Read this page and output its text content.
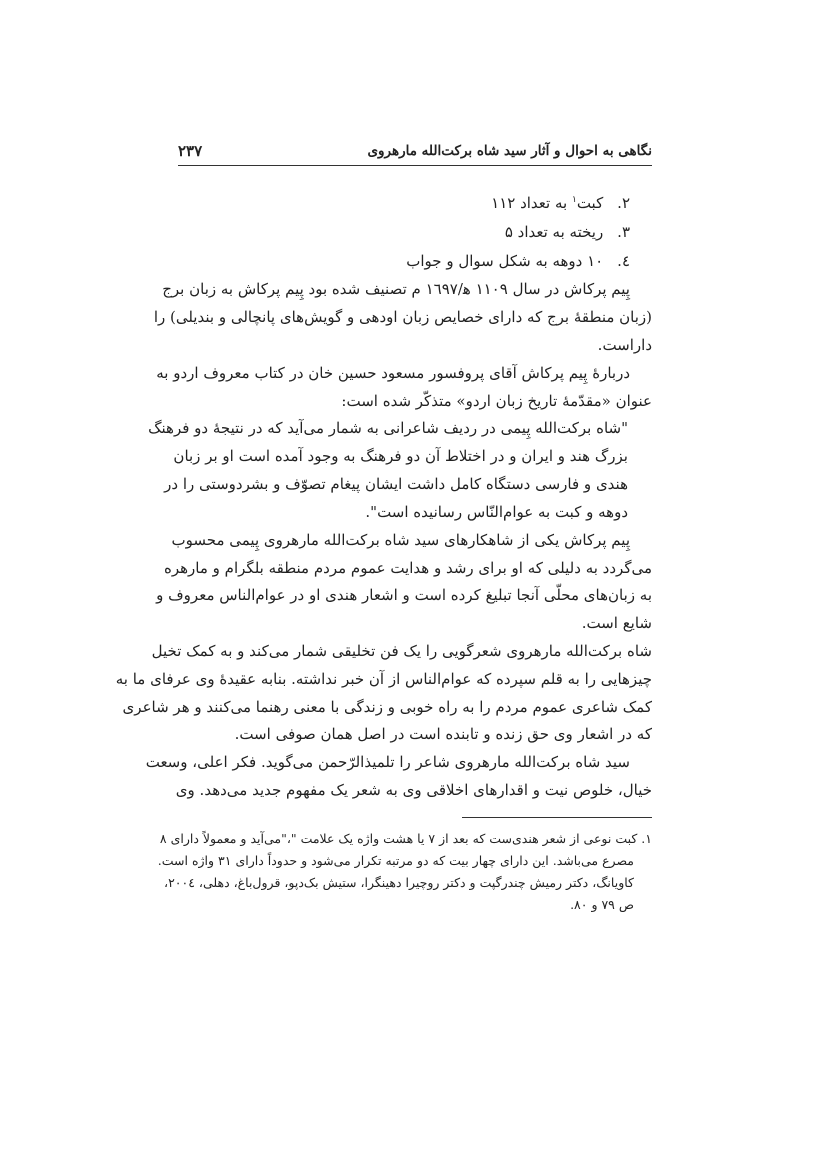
نگاهی به احوال و آثار سید شاه برکت‌الله مارهروی
۲۳۷
۲. کبت$^۱$ به تعداد ۱۱۲
۳. ریخته به تعداد ۵
٤. ۱۰ دوهه به شکل سوال و جواب
پِیم پرکاش در سال ۱۱۰۹ ﻫ/۱٦۹۷ م تصنیف شده بود پِیم پرکاش به زبان برج
(زبان منطقهٔ برج که دارای خصایص زبان اودهی و گویش‌های پانچالی و بندیلی) را
داراست.
دربارهٔ پِیم پرکاش آقای پروفسور مسعود حسین خان در کتاب معروف اردو به
عنوان «مقدّمهٔ تاریخ زبان اردو» متذکّر شده است:
"شاه برکت‌الله پِیمی در ردیف شاعرانی به شمار می‌آید که در نتیجهٔ دو فرهنگ
بزرگ هند و ایران و در اختلاط آن دو فرهنگ به وجود آمده است او بر زبان
هندی و فارسی دستگاه کامل داشت ایشان پیغام تصوّف و بشردوستی را در
دوهه و کبت به عوام‌النّاس رسانیده است".
پِیم پرکاش یکی از شاهکارهای سید شاه برکت‌الله مارهروی پِیمی محسوب
می‌گردد به دلیلی که او برای رشد و هدایت عموم مردم منطقه بلگرام و مارهره
به زبان‌های محلّی آنجا تبلیغ کرده است و اشعار هندی او در عوام‌الناس معروف و
شایع است.
شاه برکت‌الله مارهروی شعرگویی را یک فن تخلیقی شمار می‌کند و به کمک تخیل
چیزهایی را به قلم سپرده که عوام‌الناس از آن خبر نداشته. بنابه عقیدهٔ وی عرفای ما به
کمک شاعری عموم مردم را به راه خوبی و زندگی با معنی رهنما می‌کنند و هر شاعری
که در اشعار وی حق زنده و تابنده است در اصل همان صوفی است.
سید شاه برکت‌الله مارهروی شاعر را تلمیذالرّحمن می‌گوید. فکر اعلی، وسعت
خیال، خلوص نیت و اقدارهای اخلاقی وی به شعر یک مفهوم جدید می‌دهد. وی
۱. کبت نوعی از شعر هندی‌ست که بعد از ۷ یا هشت واژه یک علامت "،"می‌آید و معمولاً دارای ۸
مصرع می‌باشد. این دارای چهار بیت که دو مرتبه تکرار می‌شود و حدوداً دارای ۳۱ واژه است.
کاویانگ، دکتر رمیش چندرگپت و دکتر روچیرا دهینگرا، ستیش بک‌دپو، قرول‌باغ، دهلی، ۲۰۰٤،
ص ۷۹ و ۸۰.
